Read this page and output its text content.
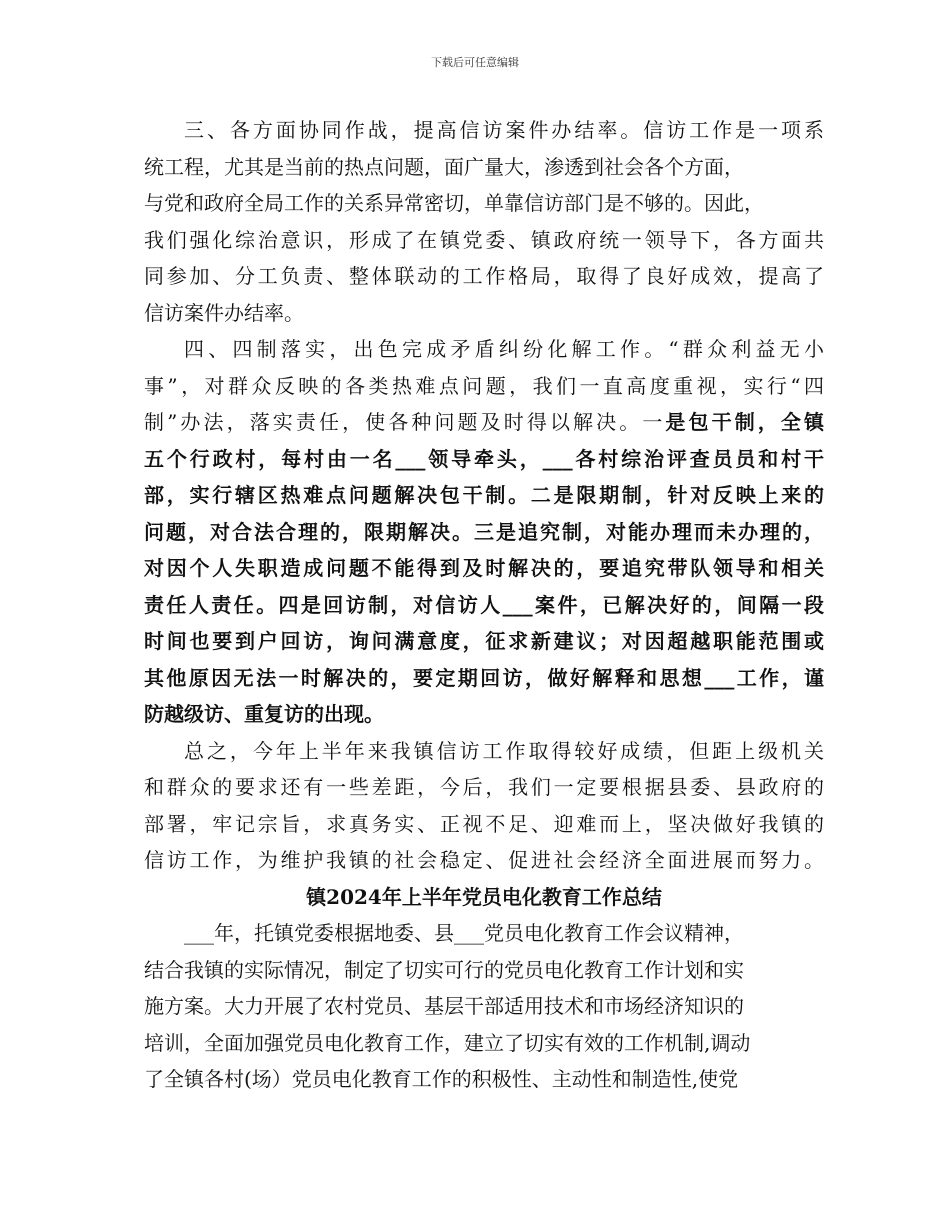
下载后可任意编辑
三、各方面协同作战，提高信访案件办结率。信访工作是一项系
统工程，尤其是当前的热点问题，面广量大，渗透到社会各个方面，
与党和政府全局工作的关系异常密切，单靠信访部门是不够的。因此，
我们强化综治意识，形成了在镇党委、镇政府统一领导下，各方面共
同参加、分工负责、整体联动的工作格局，取得了良好成效，提高了
信访案件办结率。
四、四制落实，出色完成矛盾纠纷化解工作。“群众利益无小
事”，对群众反映的各类热难点问题，我们一直高度重视，实行“四
制”办法，落实责任，使各种问题及时得以解决。一是包干制，全镇
五个行政村，每村由一名___领导牵头，___各村综治评查员员和村干
部，实行辖区热难点问题解决包干制。二是限期制，针对反映上来的
问题，对合法合理的，限期解决。三是追究制，对能办理而未办理的，
对因个人失职造成问题不能得到及时解决的，要追究带队领导和相关
责任人责任。四是回访制，对信访人___案件，已解决好的，间隔一段
时间也要到户回访，询问满意度，征求新建议；对因超越职能范围或
其他原因无法一时解决的，要定期回访，做好解释和思想___工作，谨
防越级访、重复访的出现。
总之，今年上半年来我镇信访工作取得较好成绩，但距上级机关
和群众的要求还有一些差距，今后，我们一定要根据县委、县政府的
部署，牢记宗旨，求真务实、正视不足、迎难而上，坚决做好我镇的
信访工作，为维护我镇的社会稳定、促进社会经济全面进展而努力。
镇2024年上半年党员电化教育工作总结
___年，托镇党委根据地委、县___党员电化教育工作会议精神，
结合我镇的实际情况，制定了切实可行的党员电化教育工作计划和实
施方案。大力开展了农村党员、基层干部适用技术和市场经济知识的
培训，全面加强党员电化教育工作，建立了切实有效的工作机制,调动
了全镇各村(场）党员电化教育工作的积极性、主动性和制造性,使党
